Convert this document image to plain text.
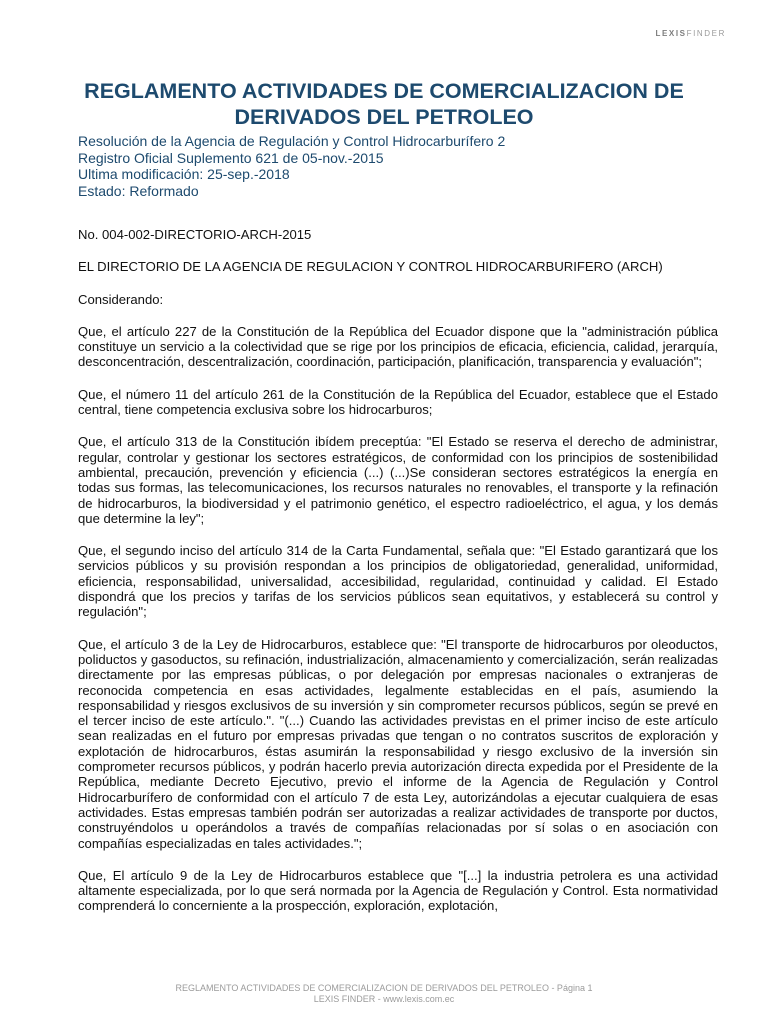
LEXISFINDER
REGLAMENTO ACTIVIDADES DE COMERCIALIZACION DE DERIVADOS DEL PETROLEO
Resolución de la Agencia de Regulación y Control Hidrocarburífero 2
Registro Oficial Suplemento 621 de 05-nov.-2015
Ultima modificación: 25-sep.-2018
Estado: Reformado

No. 004-002-DIRECTORIO-ARCH-2015

EL DIRECTORIO DE LA AGENCIA DE REGULACION Y CONTROL HIDROCARBURIFERO (ARCH)

Considerando:

Que, el artículo 227 de la Constitución de la República del Ecuador dispone que la "administración pública constituye un servicio a la colectividad que se rige por los principios de eficacia, eficiencia, calidad, jerarquía, desconcentración, descentralización, coordinación, participación, planificación, transparencia y evaluación";

Que, el número 11 del artículo 261 de la Constitución de la República del Ecuador, establece que el Estado central, tiene competencia exclusiva sobre los hidrocarburos;

Que, el artículo 313 de la Constitución ibídem preceptúa: "El Estado se reserva el derecho de administrar, regular, controlar y gestionar los sectores estratégicos, de conformidad con los principios de sostenibilidad ambiental, precaución, prevención y eficiencia (...) (...)Se consideran sectores estratégicos la energía en todas sus formas, las telecomunicaciones, los recursos naturales no renovables, el transporte y la refinación de hidrocarburos, la biodiversidad y el patrimonio genético, el espectro radioeléctrico, el agua, y los demás que determine la ley";

Que, el segundo inciso del artículo 314 de la Carta Fundamental, señala que: "El Estado garantizará que los servicios públicos y su provisión respondan a los principios de obligatoriedad, generalidad, uniformidad, eficiencia, responsabilidad, universalidad, accesibilidad, regularidad, continuidad y calidad. El Estado dispondrá que los precios y tarifas de los servicios públicos sean equitativos, y establecerá su control y regulación";

Que, el artículo 3 de la Ley de Hidrocarburos, establece que: "El transporte de hidrocarburos por oleoductos, poliductos y gasoductos, su refinación, industrialización, almacenamiento y comercialización, serán realizadas directamente por las empresas públicas, o por delegación por empresas nacionales o extranjeras de reconocida competencia en esas actividades, legalmente establecidas en el país, asumiendo la responsabilidad y riesgos exclusivos de su inversión y sin comprometer recursos públicos, según se prevé en el tercer inciso de este artículo.". "(...) Cuando las actividades previstas en el primer inciso de este artículo sean realizadas en el futuro por empresas privadas que tengan o no contratos suscritos de exploración y explotación de hidrocarburos, éstas asumirán la responsabilidad y riesgo exclusivo de la inversión sin comprometer recursos públicos, y podrán hacerlo previa autorización directa expedida por el Presidente de la República, mediante Decreto Ejecutivo, previo el informe de la Agencia de Regulación y Control Hidrocarburífero de conformidad con el artículo 7 de esta Ley, autorizándolas a ejecutar cualquiera de esas actividades. Estas empresas también podrán ser autorizadas a realizar actividades de transporte por ductos, construyéndolos u operándolos a través de compañías relacionadas por sí solas o en asociación con compañías especializadas en tales actividades.";

Que, El artículo 9 de la Ley de Hidrocarburos establece que "[...] la industria petrolera es una actividad altamente especializada, por lo que será normada por la Agencia de Regulación y Control. Esta normatividad comprenderá lo concerniente a la prospección, exploración, explotación,

REGLAMENTO ACTIVIDADES DE COMERCIALIZACION DE DERIVADOS DEL PETROLEO - Página 1
LEXIS FINDER - www.lexis.com.ec
